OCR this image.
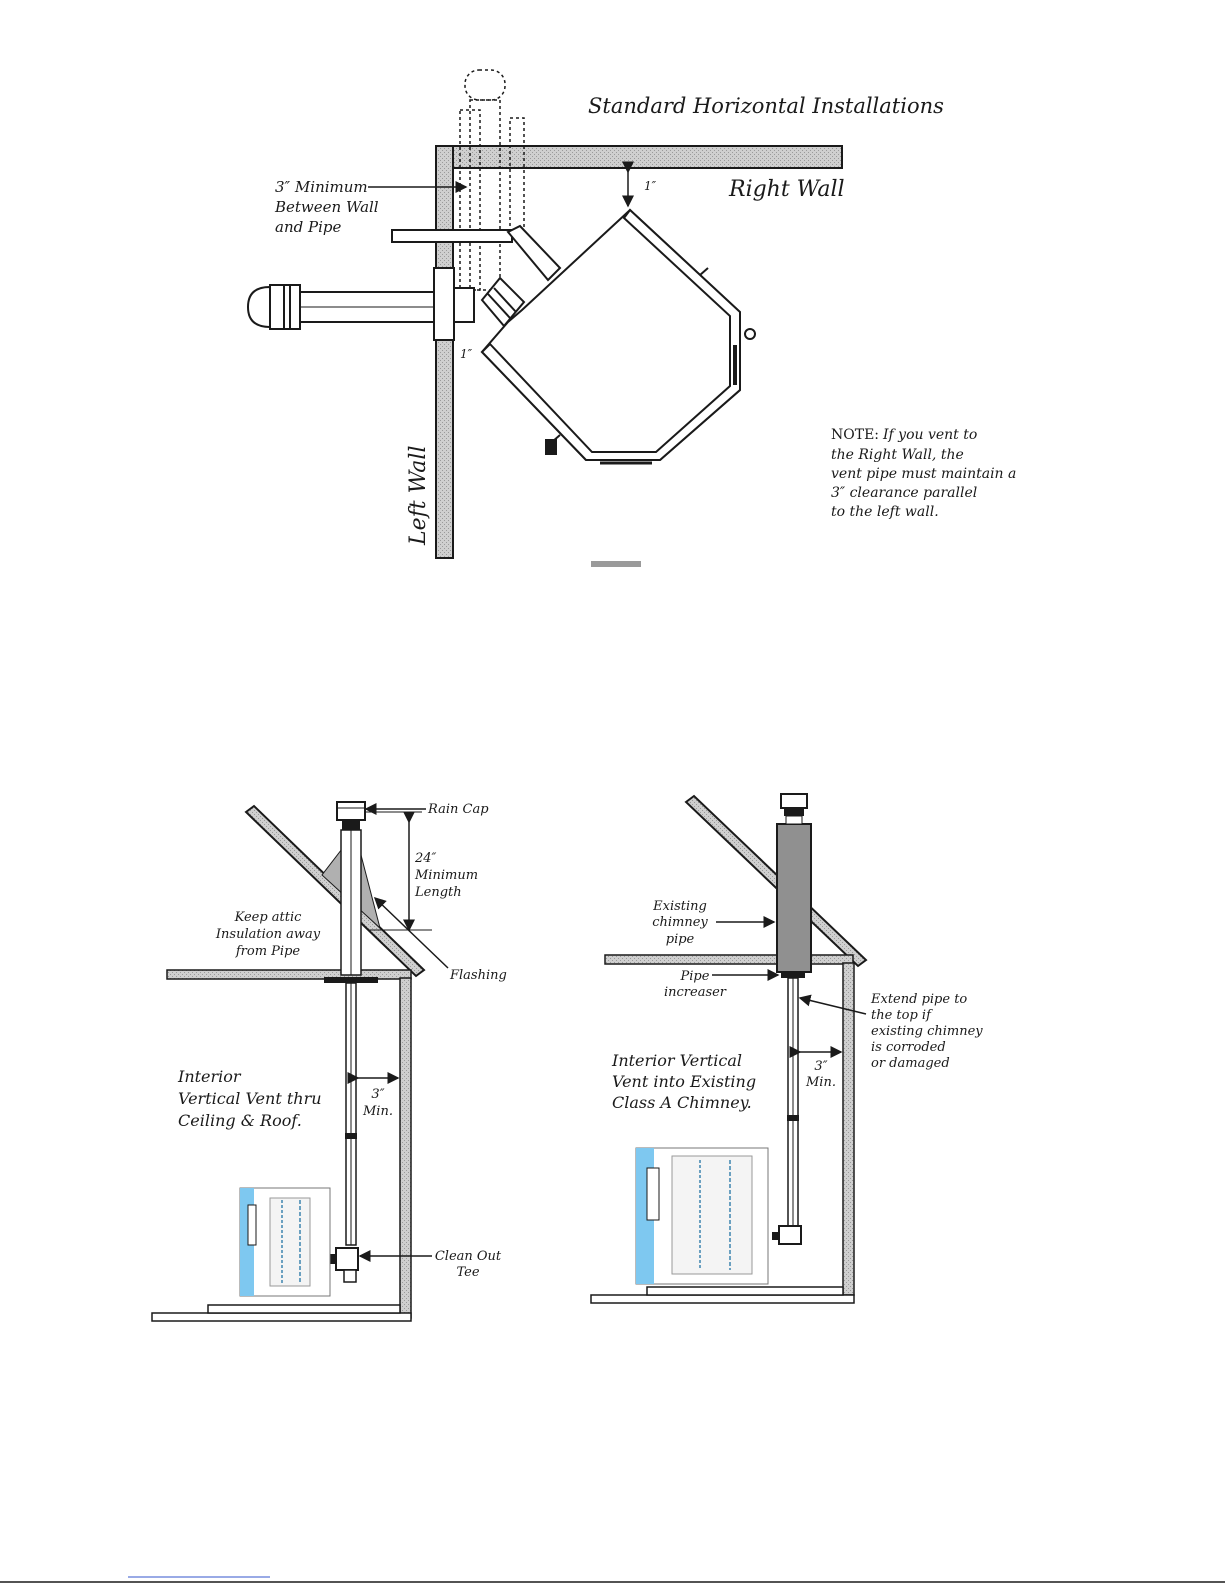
Standard Horizontal Installations
Right Wall
Left Wall
1″
1″
3″ Minimum
Between Wall
and Pipe
NOTE: If you vent to
the Right Wall, the
vent pipe must maintain a
3″ clearance parallel
to the left wall.
Rain Cap
24″
Minimum
Length
Keep attic
Insulation away
from Pipe
Flashing
Interior
Vertical Vent thru
Ceiling & Roof.
3″
Min.
Clean Out
Tee
Existing
chimney
pipe
Pipe
increaser	Extend pipe to
the top if
existing chimney
is corroded
or damaged
Interior Vertical
Vent into Existing
Class A Chimney.
3″
Min.
